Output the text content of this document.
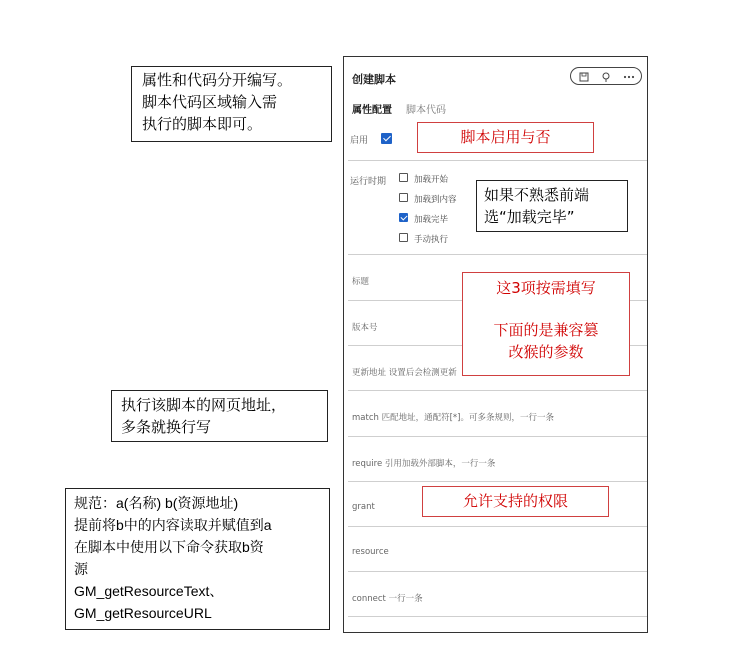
创建脚本
属性配置 脚本代码
启用
运行时期	加载开始
加载到内容
加载完毕
手动执行
标题
版本号
更新地址 设置后会检测更新
match 匹配地址，通配符[*]。可多条规则，一行一条
require 引用加载外部脚本，一行一条
grant
resource
connect 一行一条
属性和代码分开编写。
脚本代码区域输入需
执行的脚本即可。
脚本启用与否
如果不熟悉前端
选“加载完毕”
这3项按需填写
下面的是兼容篡
改猴的参数
执行该脚本的网页地址，
多条就换行写
允许支持的权限
规范：a(名称) b(资源地址)
提前将b中的内容读取并赋值到a
在脚本中使用以下命令获取b资
源
GM_getResourceText、
GM_getResourceURL
